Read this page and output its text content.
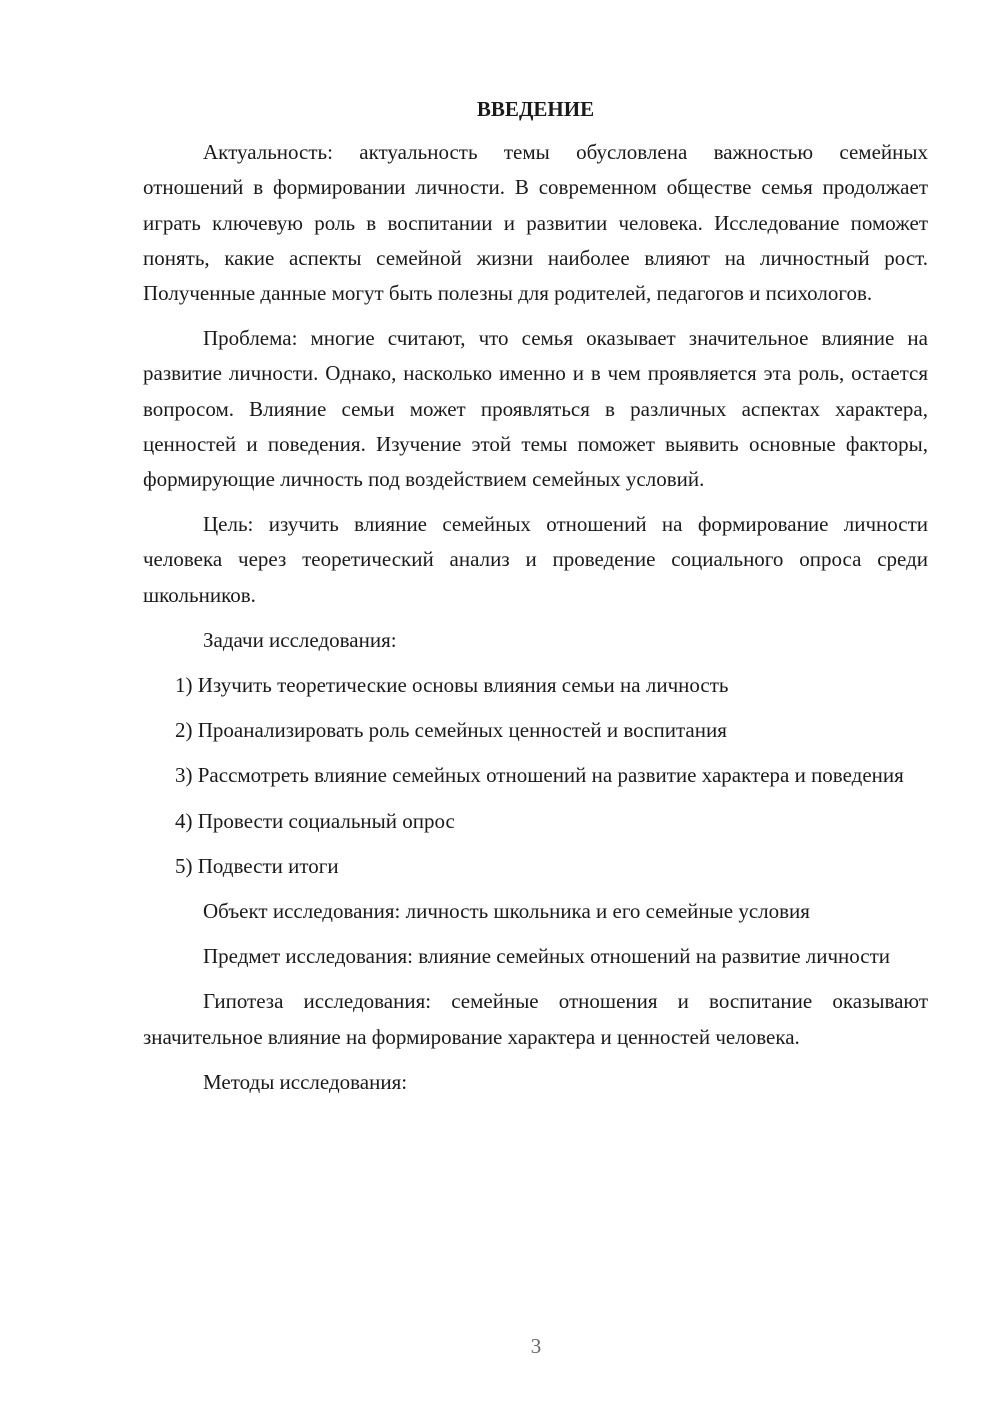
ВВЕДЕНИЕ

Актуальность: актуальность темы обусловлена важностью семейных отношений в формировании личности. В современном обществе семья продолжает играть ключевую роль в воспитании и развитии человека. Исследование поможет понять, какие аспекты семейной жизни наиболее влияют на личностный рост. Полученные данные могут быть полезны для родителей, педагогов и психологов.

Проблема: многие считают, что семья оказывает значительное влияние на развитие личности. Однако, насколько именно и в чем проявляется эта роль, остается вопросом. Влияние семьи может проявляться в различных аспектах характера, ценностей и поведения. Изучение этой темы поможет выявить основные факторы, формирующие личность под воздействием семейных условий.

Цель: изучить влияние семейных отношений на формирование личности человека через теоретический анализ и проведение социального опроса среди школьников.

Задачи исследования:

1) Изучить теоретические основы влияния семьи на личность

2) Проанализировать роль семейных ценностей и воспитания

3) Рассмотреть влияние семейных отношений на развитие характера и поведения

4) Провести социальный опрос

5) Подвести итоги

Объект исследования: личность школьника и его семейные условия

Предмет исследования: влияние семейных отношений на развитие личности

Гипотеза исследования: семейные отношения и воспитание оказывают значительное влияние на формирование характера и ценностей человека.

Методы исследования:

3
